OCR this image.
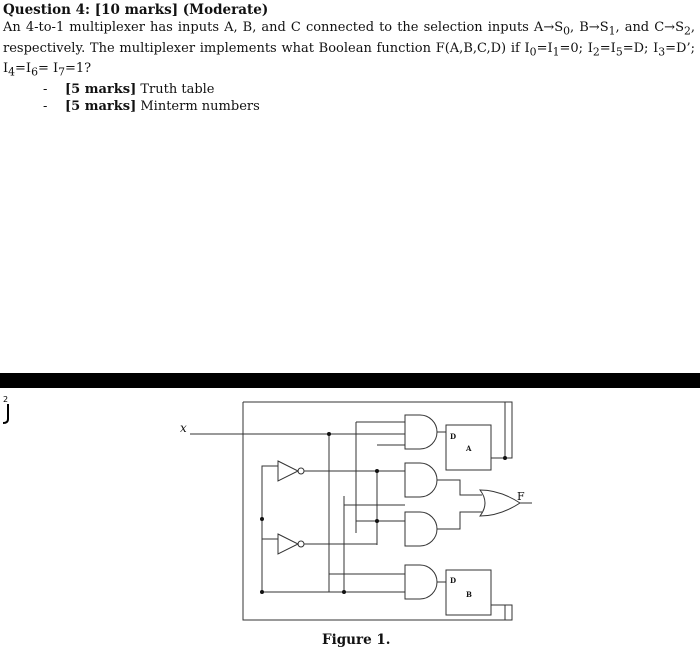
Question 4: [10 marks] (Moderate)
An 4-to-1 multiplexer has inputs A, B, and C connected to the selection inputs $A\to S_0$, $B\to S_1$, and $C\to S_2$, respectively. The multiplexer implements what Boolean function F(A,B,C,D) if $I_0=I_1=0$; $I_2=I_5=D$; $I_3=D$’; $I_4=I_6= I_7=1$?
- [5 marks] Truth table
- [5 marks] Minterm numbers
2
x
D
A
D
B
F
Figure 1.
